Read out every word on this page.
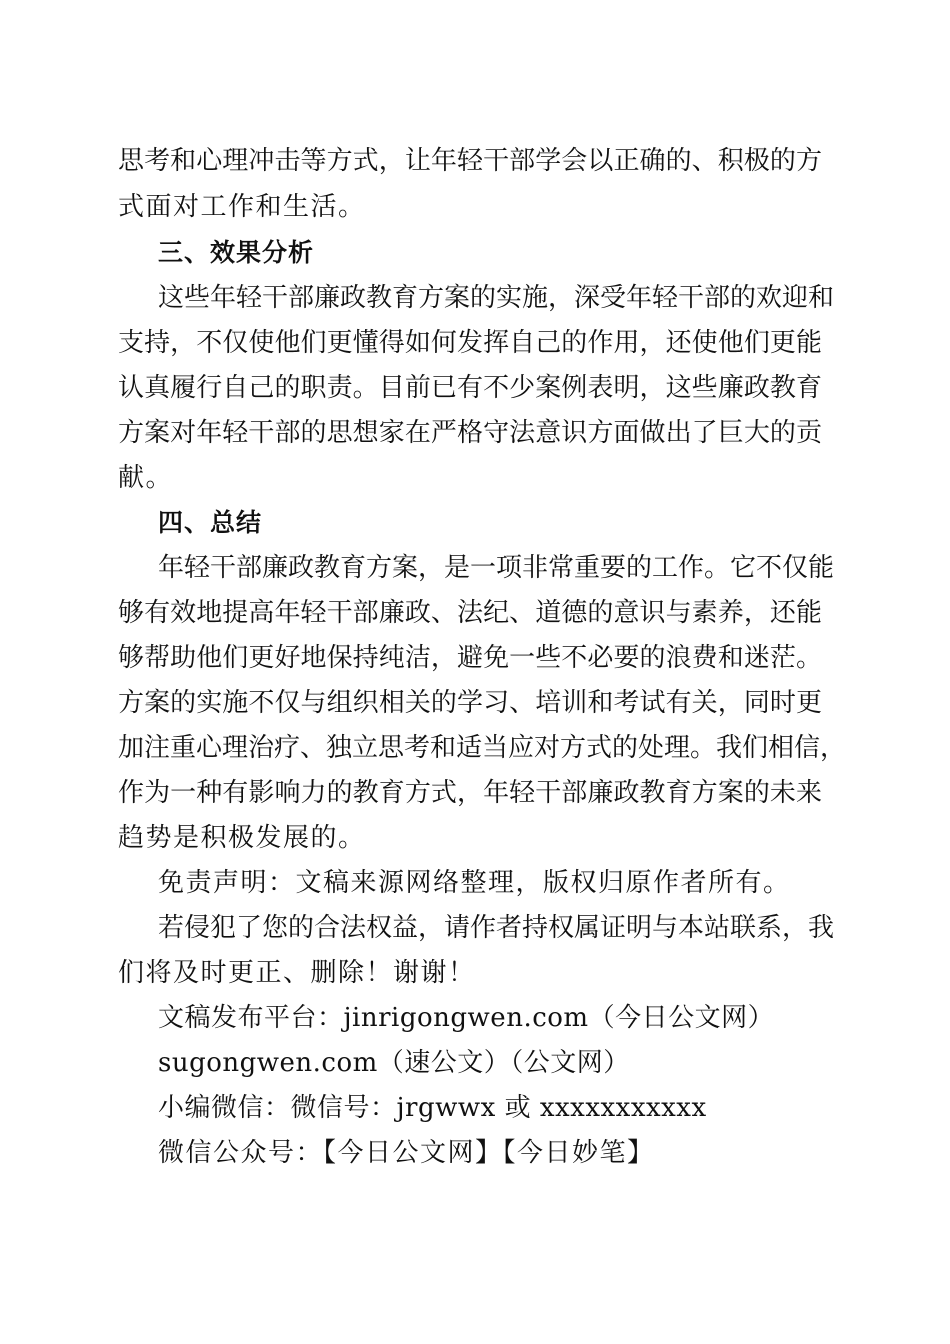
思考和心理冲击等方式，让年轻干部学会以正确的、积极的方
式面对工作和生活。
三、效果分析
这些年轻干部廉政教育方案的实施，深受年轻干部的欢迎和
支持，不仅使他们更懂得如何发挥自己的作用，还使他们更能
认真履行自己的职责。目前已有不少案例表明，这些廉政教育
方案对年轻干部的思想家在严格守法意识方面做出了巨大的贡
献。
四、总结
年轻干部廉政教育方案，是一项非常重要的工作。它不仅能
够有效地提高年轻干部廉政、法纪、道德的意识与素养，还能
够帮助他们更好地保持纯洁，避免一些不必要的浪费和迷茫。
方案的实施不仅与组织相关的学习、培训和考试有关，同时更
加注重心理治疗、独立思考和适当应对方式的处理。我们相信，
作为一种有影响力的教育方式，年轻干部廉政教育方案的未来
趋势是积极发展的。
免责声明：文稿来源网络整理，版权归原作者所有。
若侵犯了您的合法权益，请作者持权属证明与本站联系，我
们将及时更正、删除！谢谢！
文稿发布平台：jinrigongwen.com（今日公文网）
sugongwen.com（速公文）（公文网）
小编微信：微信号：jrgwwx 或 xxxxxxxxxxx
微信公众号：【今日公文网】【今日妙笔】
